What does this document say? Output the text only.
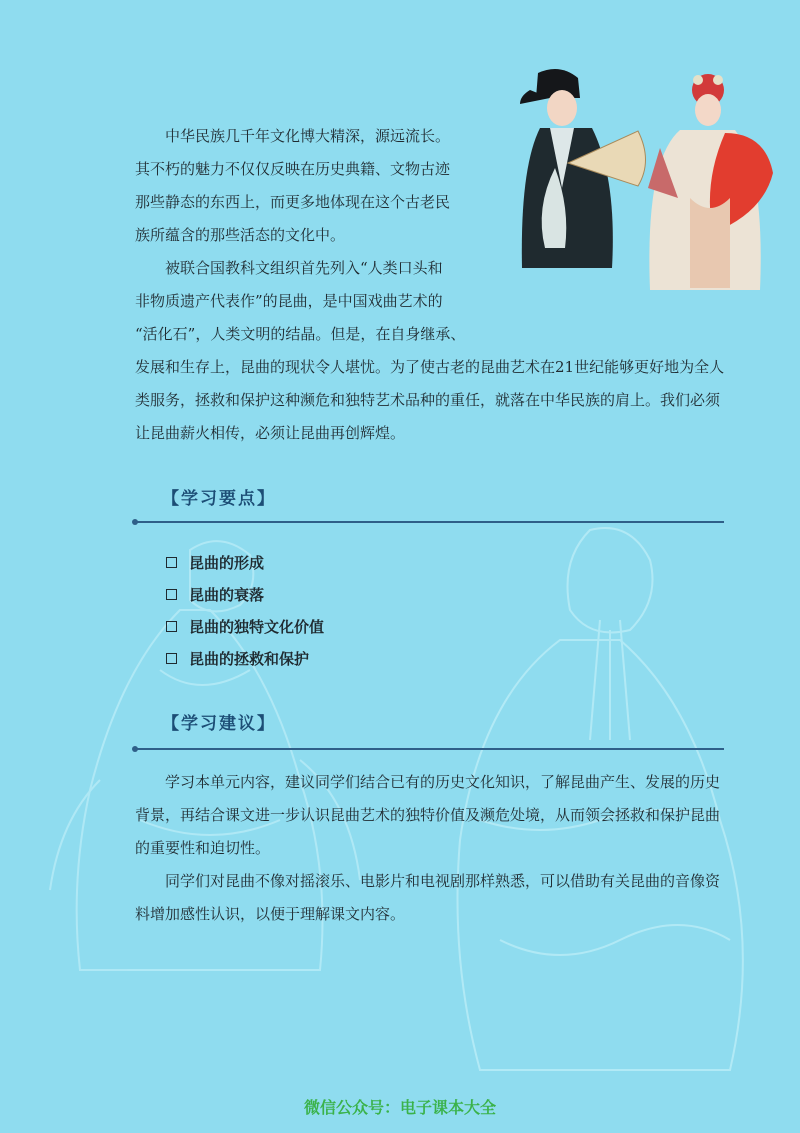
中华民族几千年文化博大精深，源远流长。

其不朽的魅力不仅仅反映在历史典籍、文物古迹
那些静态的东西上，而更多地体现在这个古老民
族所蕴含的那些活态的文化中。

被联合国教科文组织首先列入“人类口头和

非物质遗产代表作”的昆曲，是中国戏曲艺术的
“活化石”，人类文明的结晶。但是，在自身继承、
发展和生存上，昆曲的现状令人堪忧。为了使古老的昆曲艺术在21世纪能够更好地为全人类服务，拯救和保护这种濒危和独特艺术品种的重任，就落在中华民族的肩上。我们必须让昆曲薪火相传，必须让昆曲再创辉煌。
【学习要点】
昆曲的形成
昆曲的衰落
昆曲的独特文化价值
昆曲的拯救和保护
【学习建议】

学习本单元内容，建议同学们结合已有的历史文化知识，了解昆曲产生、发展的历史背景，再结合课文进一步认识昆曲艺术的独特价值及濒危处境，从而领会拯救和保护昆曲的重要性和迫切性。

同学们对昆曲不像对摇滚乐、电影片和电视剧那样熟悉，可以借助有关昆曲的音像资料增加感性认识，以便于理解课文内容。

微信公众号：电子课本大全
